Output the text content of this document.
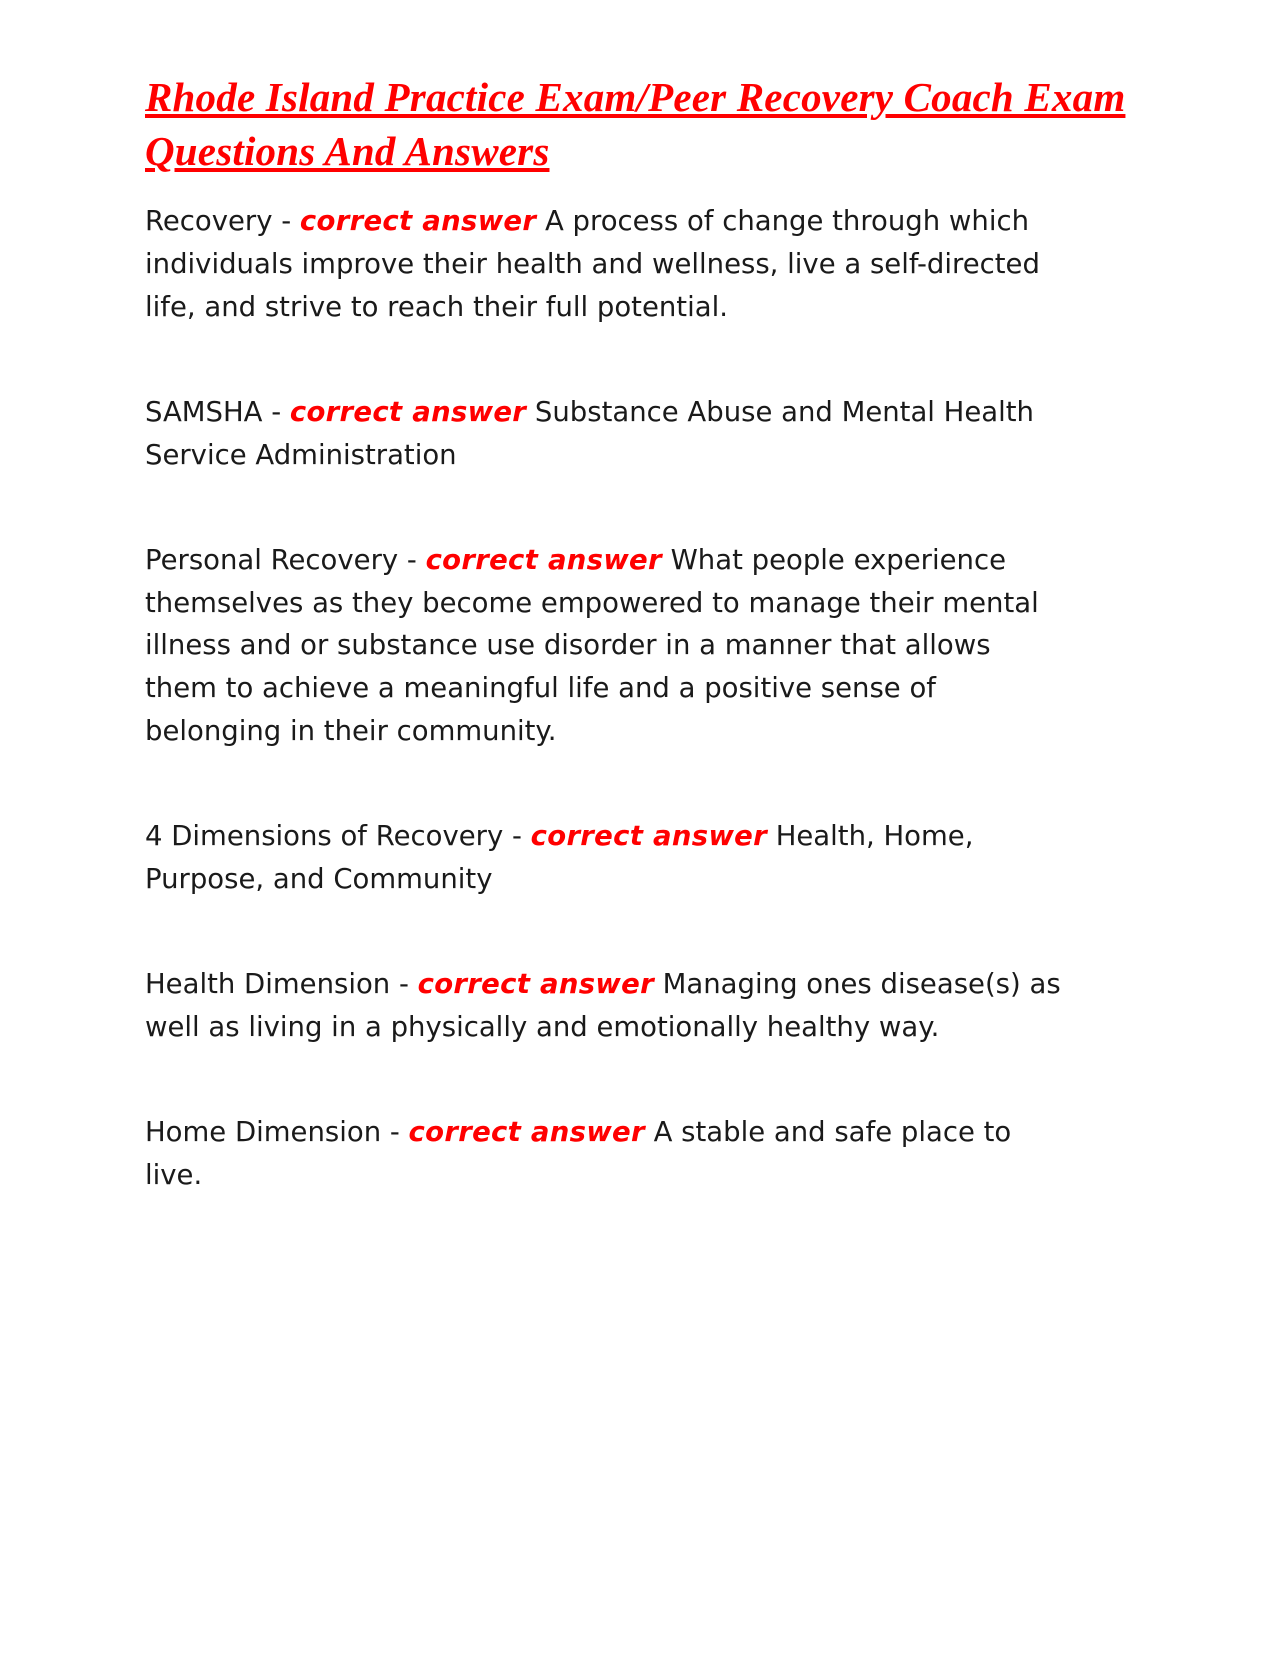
Rhode Island Practice Exam/Peer Recovery Coach Exam Questions And Answers

Recovery - correct answer A process of change through which individuals improve their health and wellness, live a self-directed life, and strive to reach their full potential.

SAMSHA - correct answer Substance Abuse and Mental Health Service Administration

Personal Recovery - correct answer What people experience themselves as they become empowered to manage their mental illness and or substance use disorder in a manner that allows them to achieve a meaningful life and a positive sense of belonging in their community.

4 Dimensions of Recovery - correct answer Health, Home, Purpose, and Community

Health Dimension - correct answer Managing ones disease(s) as well as living in a physically and emotionally healthy way.

Home Dimension - correct answer A stable and safe place to live.
